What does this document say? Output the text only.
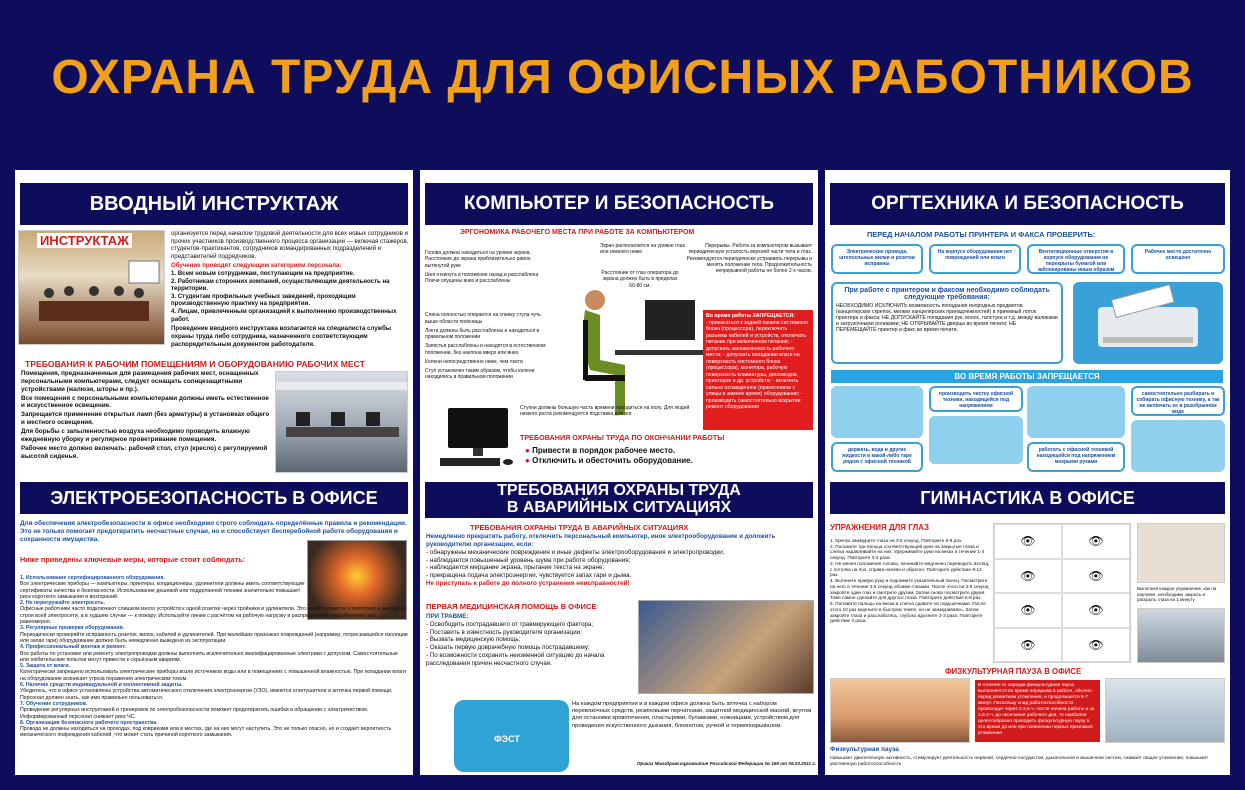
ОХРАНА ТРУДА ДЛЯ ОФИСНЫХ РАБОТНИКОВ
ВВОДНЫЙ ИНСТРУКТАЖ
ИНСТРУКТАЖ	организуется перед началом трудовой деятельности для всех новых сотрудников и прочих участников производственного процесса организации — включая стажеров, студентов-практикантов, сотрудников командированных подразделений и представителей подрядчиков.
Обучение проводят следующим категориям персонала:
1. Всем новым сотрудникам, поступающим на предприятие.
2. Работникам сторонних компаний, осуществляющим деятельность на территории.
3. Студентам профильных учебных заведений, проходящим производственную практику на предприятии.
4. Лицам, привлеченным организацией к выполнению производственных работ.
Проведение вводного инструктажа возлагается на специалиста службы охраны труда либо сотрудника, назначенного соответствующим распорядительным документом работодателя.
ТРЕБОВАНИЯ К РАБОЧИМ ПОМЕЩЕНИЯМ И ОБОРУДОВАНИЮ РАБОЧИХ МЕСТ
Помещения, предназначенные для размещения рабочих мест, оснащенных персональными компьютерами, следует оснащать солнцезащитными устройствами (жалюзи, шторы и пр.).
Все помещения с персональными компьютерами должны иметь естественное и искусственное освещение.
Запрещается применение открытых ламп (без арматуры) в установках общего и местного освещения.
Для борьбы с запыленностью воздуха необходимо проводить влажную ежедневную уборку и регулярное проветривание помещения.
Рабочее место должно включать: рабочий стол, стул (кресло) с регулируемой высотой сиденья.
КОМПЬЮТЕР И БЕЗОПАСНОСТЬ
ЭРГОНОМИКА РАБОЧЕГО МЕСТА ПРИ РАБОТЕ ЗА КОМПЬЮТЕРОМ
Голова должна находиться на уровне экрана. Расстояние до экрана приблизительно равно вытянутой руке
Шея откинута в положение назад и расслаблена
Плечи опущены вниз и расслаблены
Спина полностью опирается на спинку стула чуть выше области поясницы
Локти должны быть расслаблены и находиться в правильном положении
Запястья расслаблены и находятся в естественном положении, без наклона вверх или вниз
Колени непосредственно ниже, чем локти
Стул установлен таким образом, чтобы колени находились в правильном положении
Экран располагается на уровне глаз или немного ниже
Расстояние от глаз оператора до экрана должно быть в пределах 60-80 см.
Перерывы. Работа за компьютером вызывает периодическую усталость верхней части тела и глаз. Рекомендуется периодически устраивать перерывы и менять положение тела. Продолжительность непрерывной работы не более 2-х часов.
Во время работы ЗАПРЕЩАЕТСЯ:
- прикасаться к задней панели системного блока (процессора), переключать разъемы кабелей и устройств, отключать питание при включенном питании; - допускать захламленность рабочего места; - допускать попадания влаги на поверхность системного блока (процессора), монитора, рабочую поверхность клавиатуры, дисководов, принтеров и др. устройств; - включать сильно охлажденное (принесенное с улицы в зимнее время) оборудование; - производить самостоятельно вскрытие ремонт оборудования
Ступни должны большую часть времени находиться на полу. Для людей низкого роста рекомендуется подставка для ног.
ТРЕБОВАНИЯ ОХРАНЫ ТРУДА ПО ОКОНЧАНИИ РАБОТЫ
● Привести в порядок рабочее место.
● Отключить и обесточить оборудование.
ОРГТЕХНИКА И БЕЗОПАСНОСТЬ
ПЕРЕД НАЧАЛОМ РАБОТЫ ПРИНТЕРА И ФАКСА ПРОВЕРИТЬ:
Электрические провода, штепсельные вилки и розетки исправны
На корпусе оборудования нет повреждений или влаги
Вентиляционные отверстия в корпусе оборудования не перекрыты бумагой или заблокированы иным образом
Рабочее место достаточно освещено
При работе с принтером и факсом необходимо соблюдать следующие требования:
НЕОБХОДИМО ИСКЛЮЧИТЬ возможность попадания инородных предметов (канцелярских скрепок, мелких канцелярских принадлежностей) в приемный лоток принтера и факса; НЕ ДОПУСКАЙТЕ попадания рук, волос, галстука и т.д. между валиками и загрузочными роликами; НЕ ОТКРЫВАЙТЕ дверцы во время печати; НЕ ПЕРЕМЕЩАЙТЕ принтер и факс во время печати.
ВО ВРЕМЯ РАБОТЫ ЗАПРЕЩАЕТСЯ
производить чистку офисной техники, находящейся под напряжением
самостоятельно разбирать и собирать офисную технику, а так же включать ее в разобранном виде
держать, вода и другие жидкости в какой-либо таре рядом с офисной техникой
работать с офисной техникой находящейся под напряжением мокрыми руками
ЭЛЕКТРОБЕЗОПАСНОСТЬ В ОФИСЕ
Для обеспечения электробезопасности в офисе необходимо строго соблюдать определённые правила и рекомендации. Это не только помогает предотвратить несчастные случаи, но и способствует бесперебойной работе оборудования и сохранности имущества.
Ниже приведены ключевые меры, которые стоит соблюдать:
1. Использование сертифицированного оборудования.
Все электрические приборы — компьютеры, принтеры, кондиционеры, удлинители должны иметь соответствующие сертификаты качества и безопасности. Использование дешевой или подделанной техники значительно повышает риск короткого замыкания и возгораний.
2. Не перегружайте электросеть.
Офисные работники часто подключают слишком много устройств к одной розетке через тройники и удлинители. Это может привести к перегреву и выходу из строя всей электросети, а в худшем случае — к пожару. Используйте линии с расчётом на рабочую нагрузку и распределяйте потребителей тока равномерно.
3. Регулярные проверки оборудования.
Периодически проверяйте исправность розеток, вилок, кабелей и удлинителей. При малейших признаках повреждений (например, потрескавшейся изоляции или запах гари) оборудование должно быть немедленно выведено из эксплуатации.
4. Профессиональный монтаж и ремонт.
Все работы по установке или ремонту электропроводки должны выполнять исключительно квалифицированные электрики с допуском. Самостоятельные или любительские попытки могут привести к серьёзным авариям.
5. Защита от влаги.
Категорически запрещено использовать электрические приборы возле источников воды или в помещениях с повышенной влажностью. При попадании влаги на оборудование возникает угроза поражения электрическим током.
6. Наличие средств индивидуальной и коллективной защиты.
Убедитесь, что в офисе установлены устройства автоматического отключения электроэнергии (УЗО), имеются огнетушители и аптечка первой помощи. Персонал должен знать, как ими правильно пользоваться.
7. Обучение сотрудников.
Проведение регулярных инструктажей и тренировок по электробезопасности поможет предотвратить ошибки в обращении с электричеством. Информированный персонал снижает риск ЧС.
8. Организация безопасного рабочего пространства.
Провода не должны находиться на проходах, под ковриками или в местах, где на них могут наступить. Это не только опасно, но и создаёт вероятность механического повреждения кабелей, что может стать причиной короткого замыкания.
ТРЕБОВАНИЯ ОХРАНЫ ТРУДА
В АВАРИЙНЫХ СИТУАЦИЯХ
ТРЕБОВАНИЯ ОХРАНЫ ТРУДА В АВАРИЙНЫХ СИТУАЦИЯХ
Немедленно прекратить работу, отключить персональный компьютер, иное электрооборудование и доложить руководителю организации, если:
- обнаружены механические повреждения и иные дефекты электрооборудования и электропроводки;
- наблюдается повышенный уровень шума при работе оборудования;
- наблюдается мерцание экрана, прыгание текста на экране;
- прекращена подача электроэнергии, чувствуется запах гари и дыма.
Не приступать к работе до полного устранения неисправностей!
ПЕРВАЯ МЕДИЦИНСКАЯ ПОМОЩЬ В ОФИСЕ
ПРИ ТРАВМЕ:
- Освободить пострадавшего от травмирующего фактора;
- Поставить в известность руководителя организации;
- Вызвать медицинскую помощь;
- Оказать первую доврачебную помощь пострадавшему;
- По возможности сохранить неизменной ситуацию до начала расследования причин несчастного случая.
ФЭСТ
На каждом предприятии и в каждом офисе должна быть аптечка с набором перевязочных средств, резиновыми перчатками, защитной медицинской маской, жгутом для остановки кровотечения, пластырями, булавками, ножницами, устройством для проведения искусственного дыхания, блокнотом, ручкой и термопокрывалом.
Приказ Минздравсоцразвития Российской Федерации № 169 от 05.03.2011 г.
ГИМНАСТИКА В ОФИСЕ
УПРАЖНЕНИЯ ДЛЯ ГЛАЗ
1. Крепко зажмурите глаза на 3-5 секунд. Повторите 6-8 раз.
2. Положите три пальца соответствующей руки на закрытые глаза и слегка надавливайте на них. Удерживайте руки на веках в течение 1-3 секунд. Повторите 3-4 раза.
3. Не меняя положения головы, начинайте медленно переводить взгляд, с потолка на пол, справа налево и обратно. Повторите действие 8-12 раз.
4. Вытяните правую руку и поднимите указательный палец. Посмотрите на него в течение 3-5 секунд обоими глазами. После этого на 3-5 секунд закройте один глаз и смотрите другим. Затем снова посмотрите двумя. Тоже самое сделайте для другого глаза. Повторите действие 6-8 раз.
5. Положите пальцы на виски и слегка сдавите их подушечками. После этого 10 раз моргните в быстром темпе, но не зажмуриваясь. Затем закройте глаза и расслабьтесь, глубоко вдохните 2-3 раза. Повторите действие 3 раза.
👁	👁
👁	👁
👁	👁
👁	👁
Выполняя каждое упражнение, как на картинке, необходимо закрыть и раскрыть глаза на 1 минуту
ФИЗКУЛЬТУРНАЯ ПАУЗА В ОФИСЕ
В отличие от зарядки физкультурная пауза выполняется во время перерыва в работе, обычно перед развитием утомления, и продолжается 5-7 минут. Поскольку спад работоспособности происходит через 2-2,5 ч. после начала работы и за 1,5-2 ч. до окончания рабочего дня, то наиболее целесообразно проводить физкультурную паузу в это время до или при появлении первых признаков утомления
Физкультурная пауза
повышает двигательную активность, стимулирует деятельность нервной, сердечно-сосудистой, дыхательной и мышечной систем, снимает общее утомление, повышает умственную работоспособность
